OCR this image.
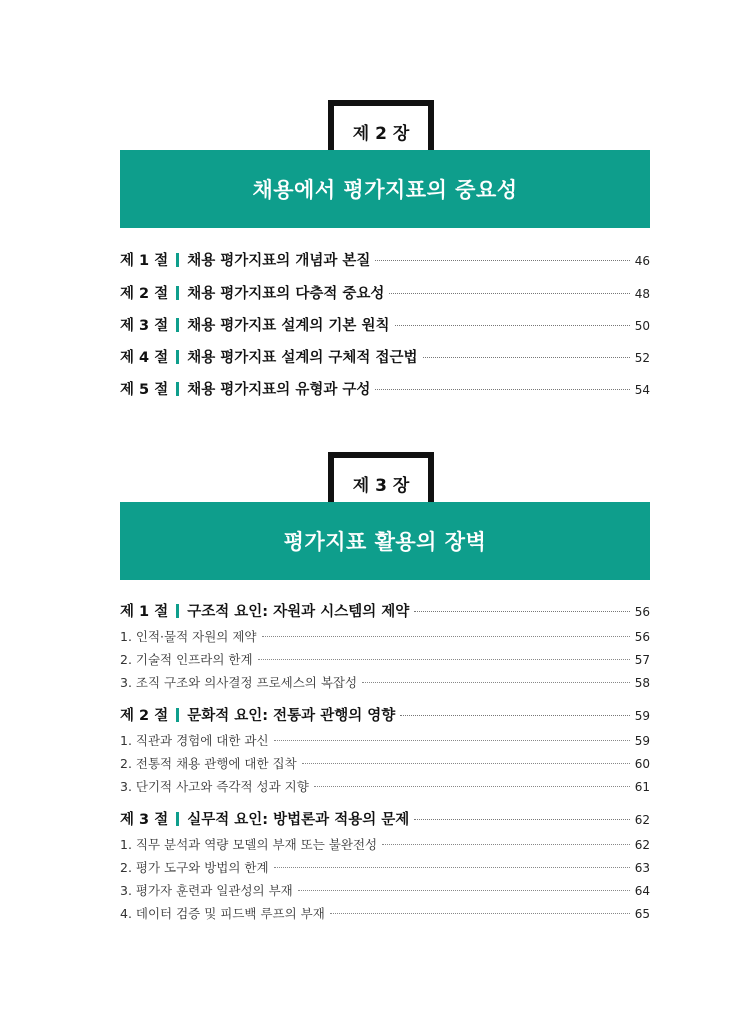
제 2 장
채용에서 평가지표의 중요성
제 1 절 채용 평가지표의 개념과 본질	46
제 2 절 채용 평가지표의 다층적 중요성	48
제 3 절 채용 평가지표 설계의 기본 원칙	50
제 4 절 채용 평가지표 설계의 구체적 접근법	52
제 5 절 채용 평가지표의 유형과 구성	54
제 3 장
평가지표 활용의 장벽
제 1 절 구조적 요인: 자원과 시스템의 제약	56
1. 인적·물적 자원의 제약	56
2. 기술적 인프라의 한계	57
3. 조직 구조와 의사결정 프로세스의 복잡성	58
제 2 절 문화적 요인: 전통과 관행의 영향	59
1. 직관과 경험에 대한 과신	59
2. 전통적 채용 관행에 대한 집착	60
3. 단기적 사고와 즉각적 성과 지향	61
제 3 절 실무적 요인: 방법론과 적용의 문제	62
1. 직무 분석과 역량 모델의 부재 또는 불완전성	62
2. 평가 도구와 방법의 한계	63
3. 평가자 훈련과 일관성의 부재	64
4. 데이터 검증 및 피드백 루프의 부재	65
